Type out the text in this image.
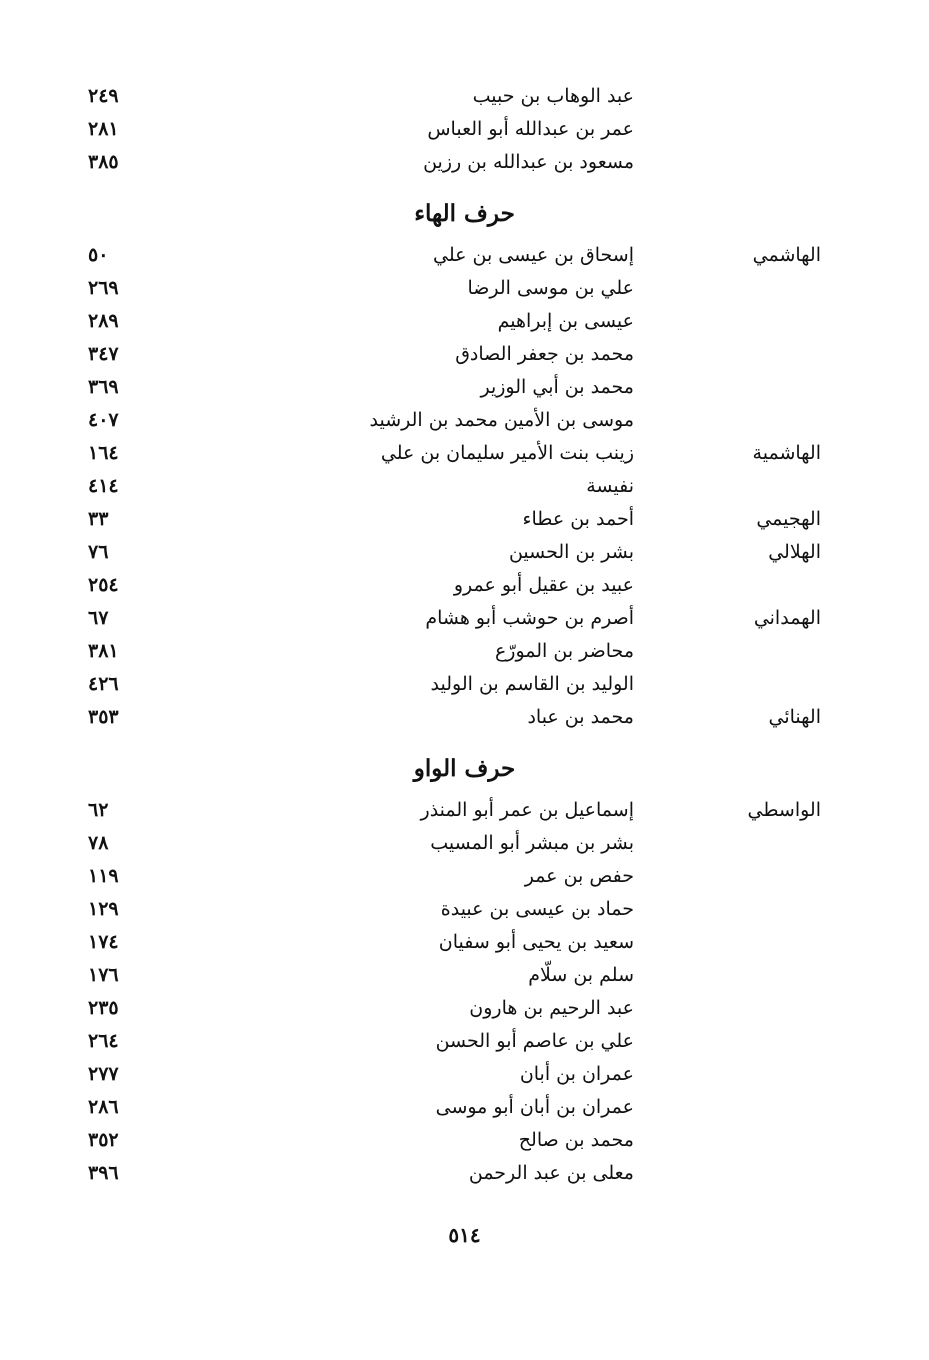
عبد الوهاب بن حبيب
٢٤٩
عمر بن عبدالله أبو العباس
٢٨١
مسعود بن عبدالله بن رزين
٣٨٥
حرف الهاء
الهاشمي
إسحاق بن عيسى بن علي
٥٠
علي بن موسى الرضا
٢٦٩
عيسى بن إبراهيم
٢٨٩
محمد بن جعفر الصادق
٣٤٧
محمد بن أبي الوزير
٣٦٩
موسى بن الأمين محمد بن الرشيد
٤٠٧
الهاشمية
زينب بنت الأمير سليمان بن علي
١٦٤
نفيسة
٤١٤
الهجيمي
أحمد بن عطاء
٣٣
الهلالي
بشر بن الحسين
٧٦
عبيد بن عقيل أبو عمرو
٢٥٤
الهمداني
أصرم بن حوشب أبو هشام
٦٧
محاضر بن المورّع
٣٨١
الوليد بن القاسم بن الوليد
٤٢٦
الهنائي
محمد بن عباد
٣٥٣
حرف الواو
الواسطي
إسماعيل بن عمر أبو المنذر
٦٢
بشر بن مبشر أبو المسيب
٧٨
حفص بن عمر
١١٩
حماد بن عيسى بن عبيدة
١٢٩
سعيد بن يحيى أبو سفيان
١٧٤
سلم بن سلّام
١٧٦
عبد الرحيم بن هارون
٢٣٥
علي بن عاصم أبو الحسن
٢٦٤
عمران بن أبان
٢٧٧
عمران بن أبان أبو موسى
٢٨٦
محمد بن صالح
٣٥٢
معلى بن عبد الرحمن
٣٩٦
٥١٤
